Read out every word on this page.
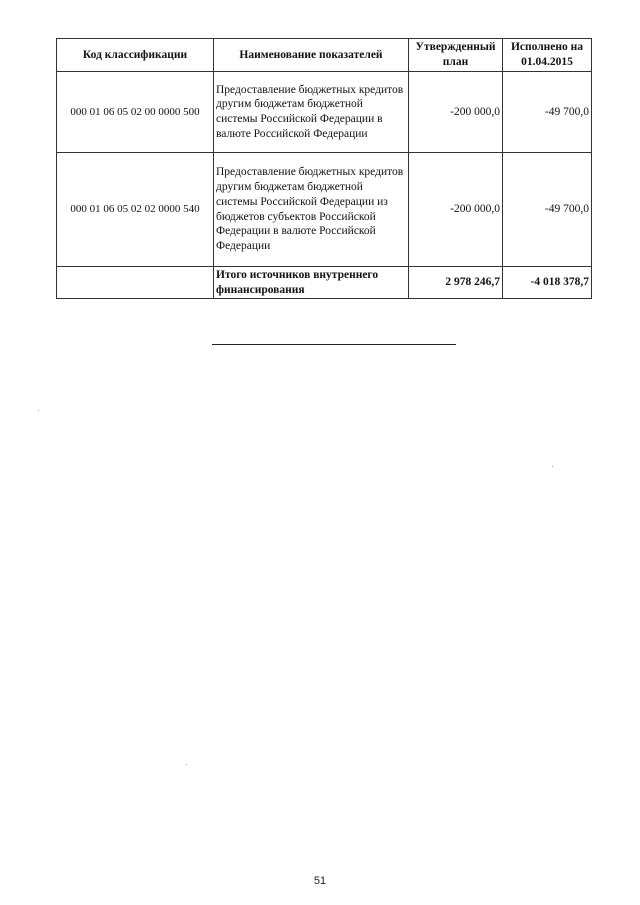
Код классификации	Наименование показателей	Утвержденный план	Исполнено на 01.04.2015
000 01 06 05 02 00 0000 500	Предоставление бюджетных кредитов другим бюджетам бюджетной системы Российской Федерации в валюте Российской Федерации	-200 000,0	-49 700,0
000 01 06 05 02 02 0000 540	Предоставление бюджетных кредитов другим бюджетам бюджетной системы Российской Федерации из бюджетов субъектов Российской Федерации в валюте Российской Федерации	-200 000,0	-49 700,0
	Итого источников внутреннего финансирования	2 978 246,7	-4 018 378,7
51
